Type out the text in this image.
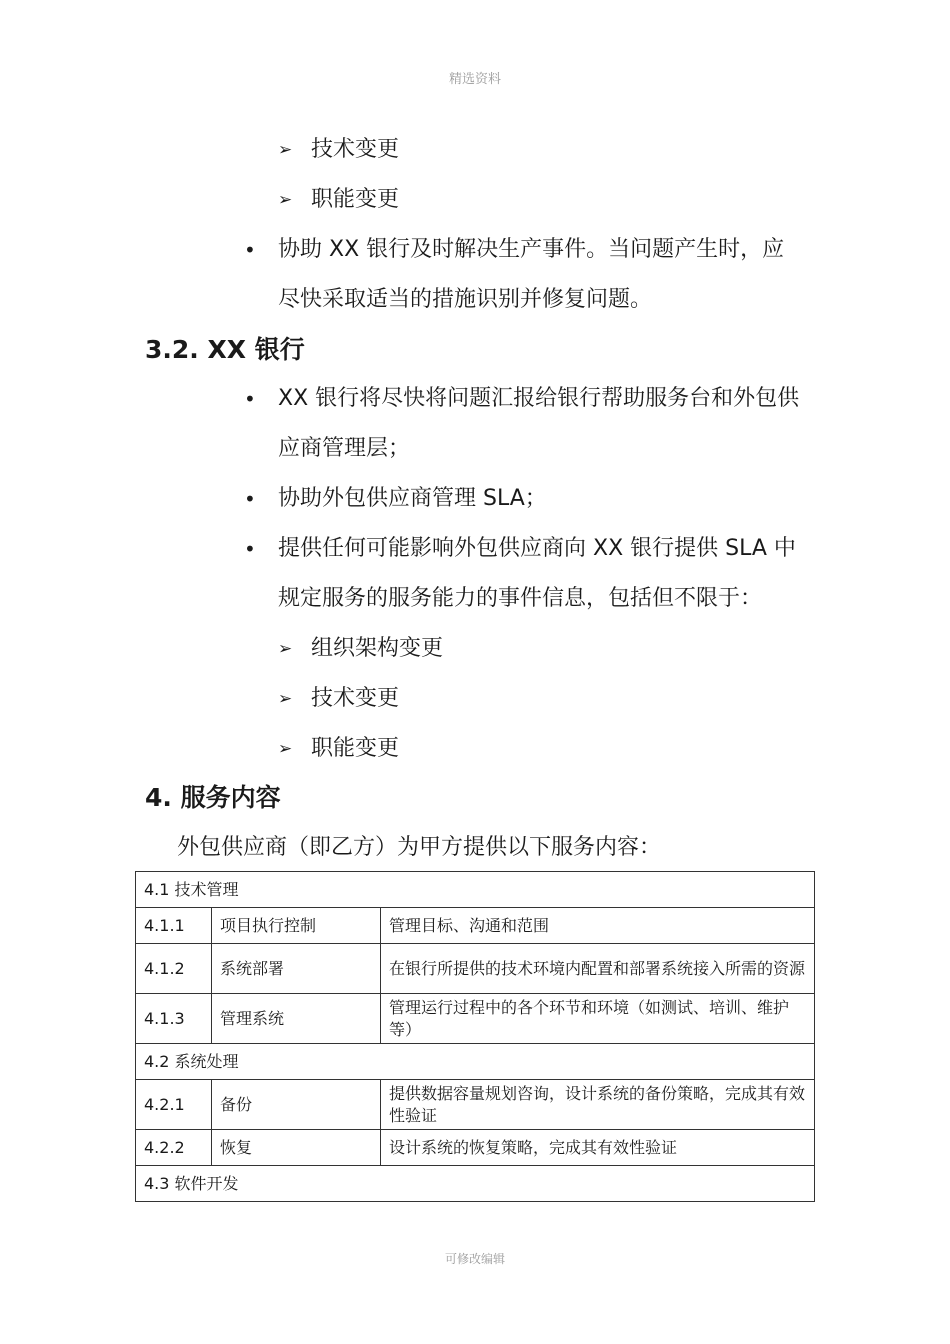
精选资料
➢ 技术变更
➢ 职能变更
• 协助 XX 银行及时解决生产事件。当问题产生时，应
尽快采取适当的措施识别并修复问题。
3.2. XX 银行
• XX 银行将尽快将问题汇报给银行帮助服务台和外包供
应商管理层；
• 协助外包供应商管理 SLA；
• 提供任何可能影响外包供应商向 XX 银行提供 SLA 中
规定服务的服务能力的事件信息，包括但不限于：
➢ 组织架构变更
➢ 技术变更
➢ 职能变更
4. 服务内容
外包供应商（即乙方）为甲方提供以下服务内容：
4.1 技术管理		
4.1.1	项目执行控制	管理目标、沟通和范围
4.1.2	系统部署	在银行所提供的技术环境内配置和部署系统接入所需的资源
4.1.3	管理系统	管理运行过程中的各个环节和环境（如测试、培训、维护等）
4.2 系统处理		
4.2.1	备份	提供数据容量规划咨询，设计系统的备份策略，完成其有效性验证
4.2.2	恢复	设计系统的恢复策略，完成其有效性验证
4.3 软件开发		
可修改编辑
